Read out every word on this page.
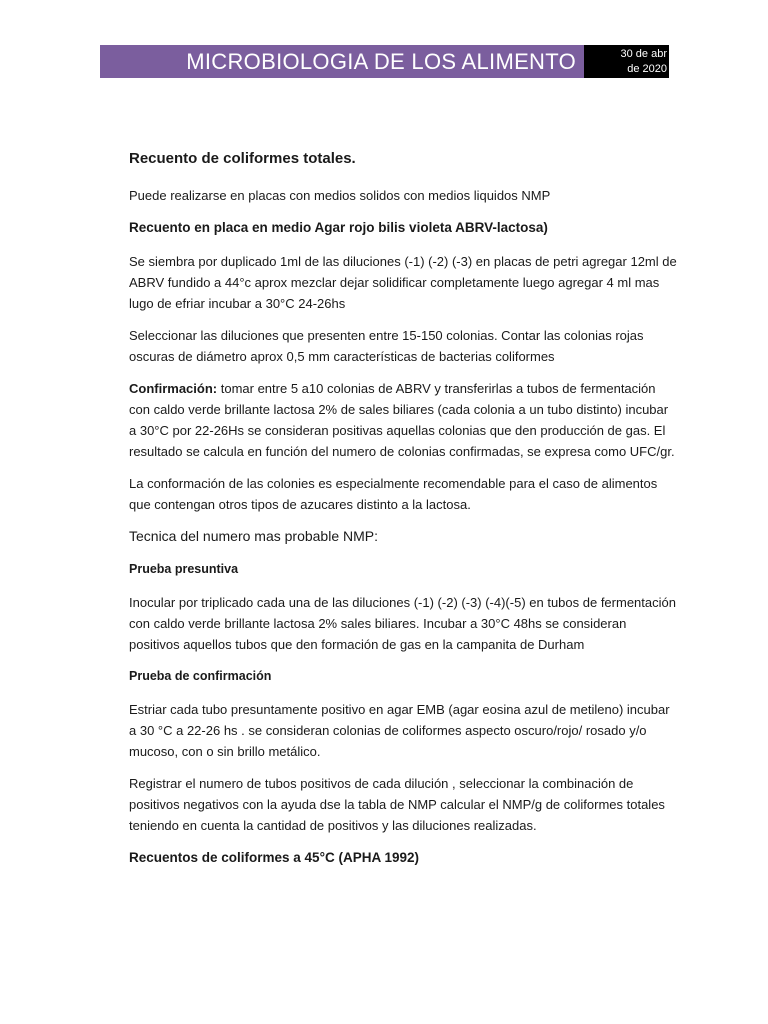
MICROBIOLOGIA DE LOS ALIMENTO	30 de abr
de 2020

Recuento de coliformes totales.

Puede realizarse en placas con medios solidos con medios liquidos NMP

Recuento en placa en medio Agar rojo bilis violeta ABRV-lactosa)

Se siembra por duplicado 1ml de las diluciones (-1) (-2) (-3) en placas de petri agregar 12ml de ABRV fundido a 44°c aprox mezclar dejar solidificar completamente luego agregar 4 ml mas lugo de efriar incubar a 30°C 24-26hs

Seleccionar las diluciones que presenten entre 15-150 colonias. Contar las colonias rojas oscuras de diámetro aprox 0,5 mm características de bacterias coliformes

Confirmación: tomar entre 5 a10 colonias de ABRV y transferirlas a tubos de fermentación con caldo verde brillante lactosa 2% de sales biliares (cada colonia a un tubo distinto) incubar a 30°C por 22-26Hs se consideran positivas aquellas colonias que den producción de gas. El resultado se calcula en función del numero de colonias confirmadas, se expresa como UFC/gr.

La conformación de las colonies es especialmente recomendable para el caso de alimentos que contengan otros tipos de azucares distinto a la lactosa.

Tecnica del numero mas probable NMP:

Prueba presuntiva

Inocular por triplicado cada una de las diluciones (-1) (-2) (-3) (-4)(-5) en tubos de fermentación con caldo verde brillante lactosa 2% sales biliares. Incubar a 30°C 48hs se consideran positivos aquellos tubos que den formación de gas en la campanita de Durham

Prueba de confirmación

Estriar cada tubo presuntamente positivo en agar EMB (agar eosina azul de metileno) incubar a 30 °C a 22-26 hs . se consideran colonias de coliformes aspecto oscuro/rojo/ rosado y/o mucoso, con o sin brillo metálico.

Registrar el numero de tubos positivos de cada dilución , seleccionar la combinación de positivos negativos con la ayuda dse la tabla de NMP calcular el NMP/g de coliformes totales teniendo en cuenta la cantidad de positivos y las diluciones realizadas.

Recuentos de coliformes a 45°C (APHA 1992)
